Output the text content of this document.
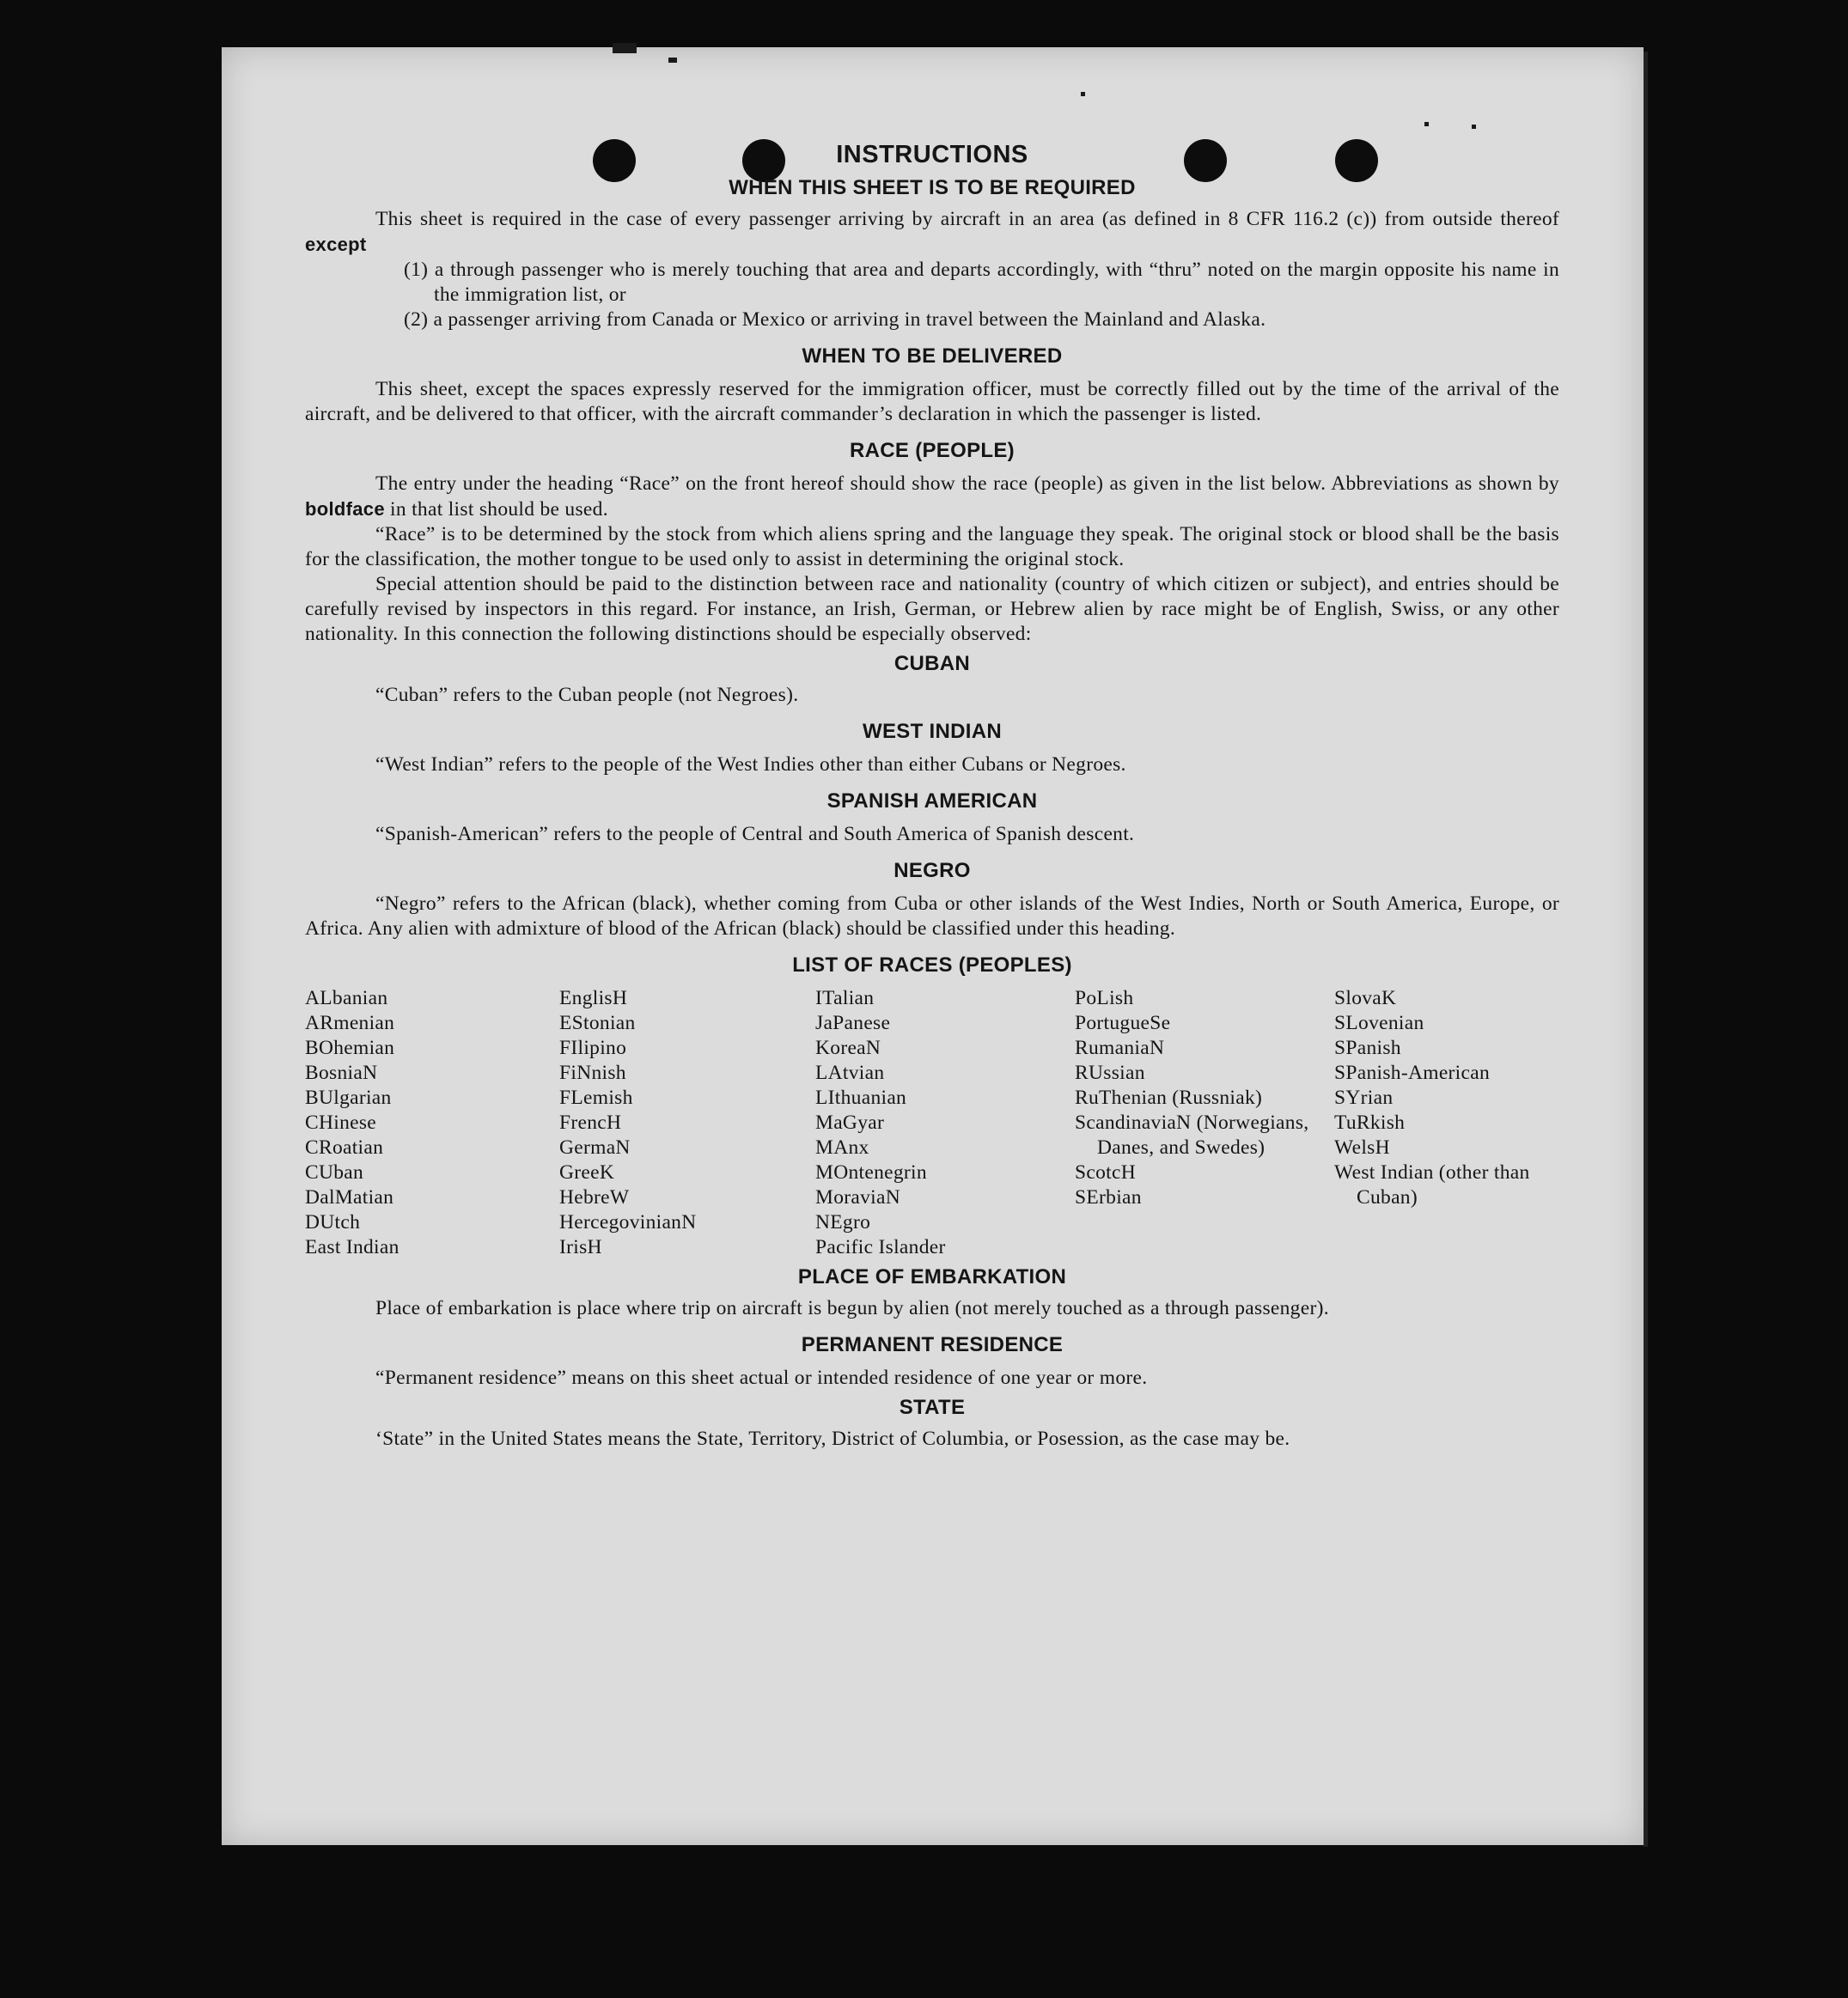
INSTRUCTIONS
WHEN THIS SHEET IS TO BE REQUIRED

This sheet is required in the case of every passenger arriving by aircraft in an area (as defined in 8 CFR 116.2 (c)) from outside thereof except

(1) a through passenger who is merely touching that area and departs accordingly, with “thru” noted on the margin opposite his name in the immigration list, or
(2) a passenger arriving from Canada or Mexico or arriving in travel between the Mainland and Alaska.
WHEN TO BE DELIVERED

This sheet, except the spaces expressly reserved for the immigration officer, must be correctly filled out by the time of the arrival of the aircraft, and be delivered to that officer, with the aircraft commander’s declaration in which the passenger is listed.

RACE (PEOPLE)

The entry under the heading “Race” on the front hereof should show the race (people) as given in the list below. Abbreviations as shown by boldface in that list should be used.

“Race” is to be determined by the stock from which aliens spring and the language they speak. The original stock or blood shall be the basis for the classification, the mother tongue to be used only to assist in determining the original stock.

Special attention should be paid to the distinction between race and nationality (country of which citizen or subject), and entries should be carefully revised by inspectors in this regard. For instance, an Irish, German, or Hebrew alien by race might be of English, Swiss, or any other nationality. In this connection the following distinctions should be especially observed:

CUBAN

“Cuban” refers to the Cuban people (not Negroes).

WEST INDIAN

“West Indian” refers to the people of the West Indies other than either Cubans or Negroes.

SPANISH AMERICAN

“Spanish-American” refers to the people of Central and South America of Spanish descent.

NEGRO

“Negro” refers to the African (black), whether coming from Cuba or other islands of the West Indies, North or South America, Europe, or Africa. Any alien with admixture of blood of the African (black) should be classified under this heading.

LIST OF RACES (PEOPLES)
ALbanian
ARmenian
BOhemian
BosniaN
BUlgarian
CHinese
CRoatian
CUban
DalMatian
DUtch
East Indian
EnglisH
EStonian
FIlipino
FiNnish
FLemish
FrencH
GermaN
GreeK
HebreW
HercegovinianN
IrisH
ITalian
JaPanese
KoreaN
LAtvian
LIthuanian
MaGyar
MAnx
MOntenegrin
MoraviaN
NEgro
Pacific Islander
PoLish
PortugueSe
RumaniaN
RUssian
RuThenian (Russniak)
ScandinaviaN (Norwegians, Danes, and Swedes)
ScotcH
SErbian
SlovaK
SLovenian
SPanish
SPanish-American
SYrian
TuRkish
WelsH
West Indian (other than Cuban)
PLACE OF EMBARKATION

Place of embarkation is place where trip on aircraft is begun by alien (not merely touched as a through passenger).

PERMANENT RESIDENCE

“Permanent residence” means on this sheet actual or intended residence of one year or more.

STATE

‘State” in the United States means the State, Territory, District of Columbia, or Posession, as the case may be.
